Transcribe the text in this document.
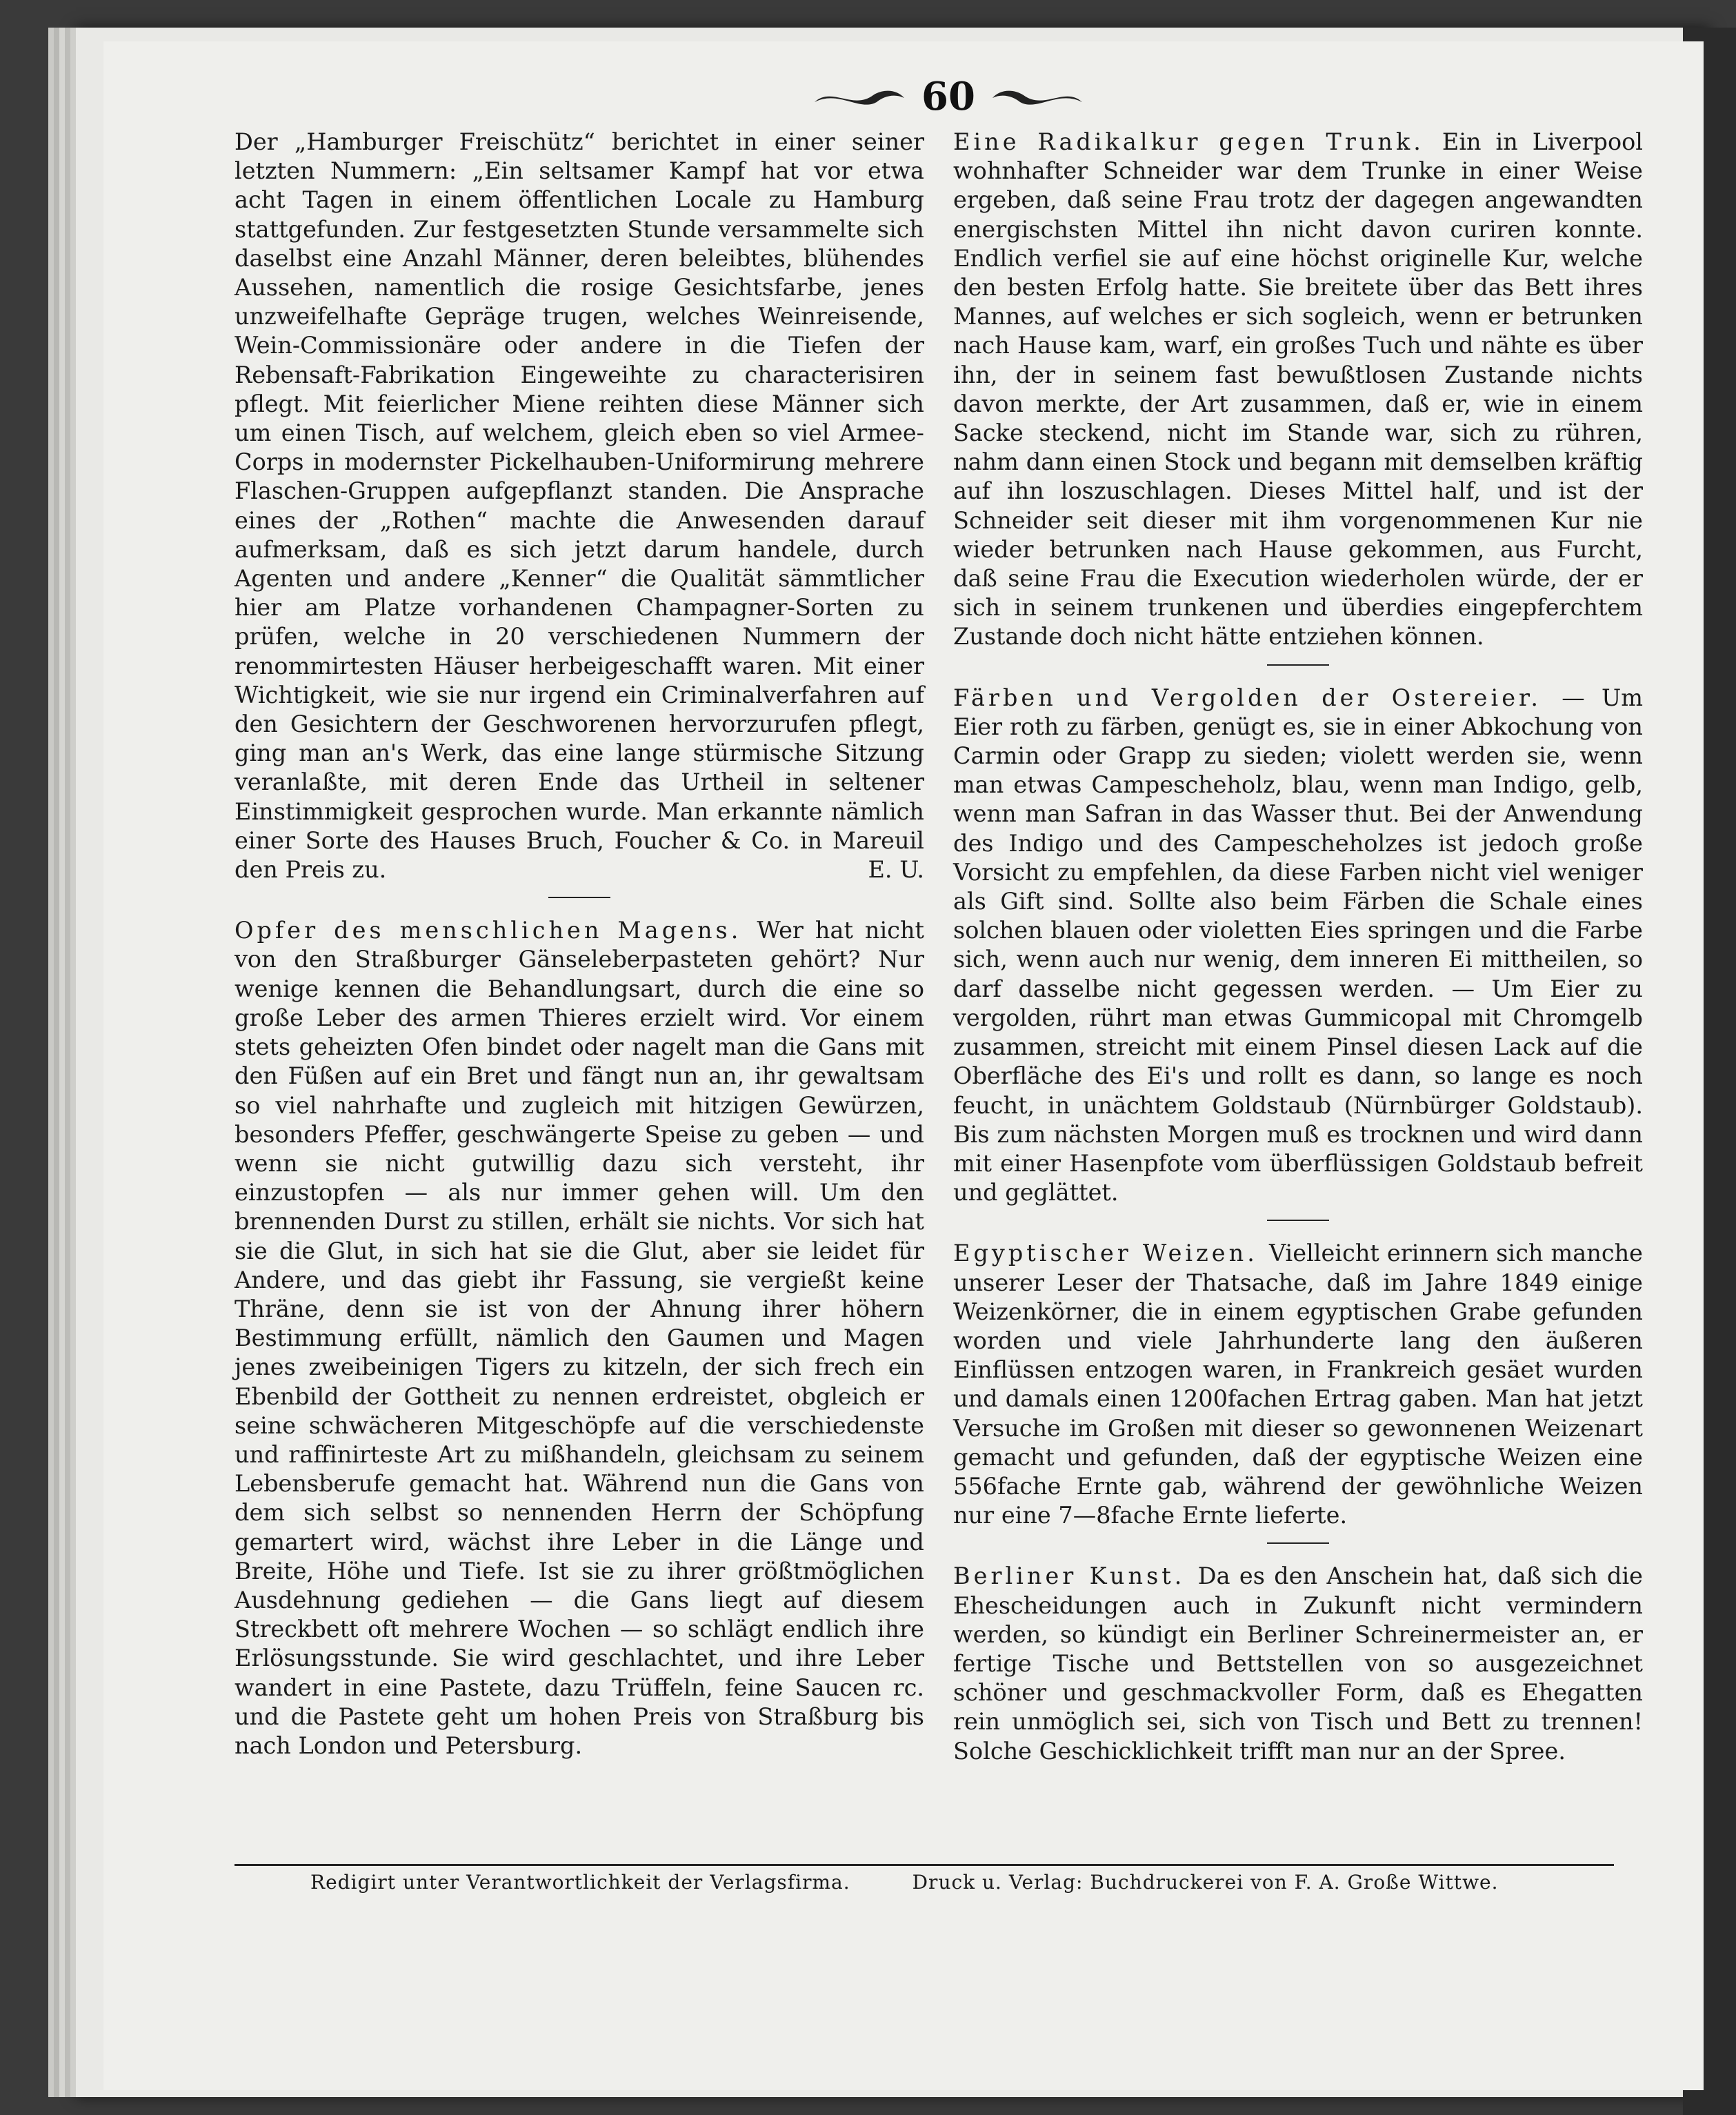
60

Der „Hamburger Freischütz“ berichtet in einer seiner letzten Nummern: „Ein seltsamer Kampf hat vor etwa acht Tagen in einem öffentlichen Locale zu Hamburg stattgefunden. Zur festgesetzten Stunde versammelte sich daselbst eine Anzahl Männer, deren beleibtes, blühendes Aussehen, namentlich die rosige Gesichtsfarbe, jenes unzweifelhafte Gepräge trugen, welches Weinreisende, Wein-Commissionäre oder andere in die Tiefen der Rebensaft-Fabrikation Eingeweihte zu characterisiren pflegt. Mit feierlicher Miene reihten diese Männer sich um einen Tisch, auf welchem, gleich eben so viel Armee-Corps in modernster Pickelhauben-Uniformirung mehrere Flaschen-Gruppen aufgepflanzt standen. Die Ansprache eines der „Rothen“ machte die Anwesenden darauf aufmerksam, daß es sich jetzt darum handele, durch Agenten und andere „Kenner“ die Qualität sämmtlicher hier am Platze vorhandenen Champagner-Sorten zu prüfen, welche in 20 verschiedenen Nummern der renommirtesten Häuser herbeigeschafft waren. Mit einer Wichtigkeit, wie sie nur irgend ein Criminalverfahren auf den Gesichtern der Geschworenen hervorzurufen pflegt, ging man an's Werk, das eine lange stürmische Sitzung veranlaßte, mit deren Ende das Urtheil in seltener Einstimmigkeit gesprochen wurde. Man erkannte nämlich einer Sorte des Hauses Bruch, Foucher & Co. in Mareuil den Preis zu.	E. U.

Opfer des menschlichen Magens. Wer hat nicht von den Straßburger Gänseleberpasteten gehört? Nur wenige kennen die Behandlungsart, durch die eine so große Leber des armen Thieres erzielt wird. Vor einem stets geheizten Ofen bindet oder nagelt man die Gans mit den Füßen auf ein Bret und fängt nun an, ihr gewaltsam so viel nahrhafte und zugleich mit hitzigen Gewürzen, besonders Pfeffer, geschwängerte Speise zu geben — und wenn sie nicht gutwillig dazu sich versteht, ihr einzustopfen — als nur immer gehen will. Um den brennenden Durst zu stillen, erhält sie nichts. Vor sich hat sie die Glut, in sich hat sie die Glut, aber sie leidet für Andere, und das giebt ihr Fassung, sie vergießt keine Thräne, denn sie ist von der Ahnung ihrer höhern Bestimmung erfüllt, nämlich den Gaumen und Magen jenes zweibeinigen Tigers zu kitzeln, der sich frech ein Ebenbild der Gottheit zu nennen erdreistet, obgleich er seine schwächeren Mitgeschöpfe auf die verschiedenste und raffinirteste Art zu mißhandeln, gleichsam zu seinem Lebensberufe gemacht hat. Während nun die Gans von dem sich selbst so nennenden Herrn der Schöpfung gemartert wird, wächst ihre Leber in die Länge und Breite, Höhe und Tiefe. Ist sie zu ihrer größtmöglichen Ausdehnung gediehen — die Gans liegt auf diesem Streckbett oft mehrere Wochen — so schlägt endlich ihre Erlösungsstunde. Sie wird geschlachtet, und ihre Leber wandert in eine Pastete, dazu Trüffeln, feine Saucen rc. und die Pastete geht um hohen Preis von Straßburg bis nach London und Petersburg.

Eine Radikalkur gegen Trunk. Ein in Liverpool wohnhafter Schneider war dem Trunke in einer Weise ergeben, daß seine Frau trotz der dagegen angewandten energischsten Mittel ihn nicht davon curiren konnte. Endlich verfiel sie auf eine höchst originelle Kur, welche den besten Erfolg hatte. Sie breitete über das Bett ihres Mannes, auf welches er sich sogleich, wenn er betrunken nach Hause kam, warf, ein großes Tuch und nähte es über ihn, der in seinem fast bewußtlosen Zustande nichts davon merkte, der Art zusammen, daß er, wie in einem Sacke steckend, nicht im Stande war, sich zu rühren, nahm dann einen Stock und begann mit demselben kräftig auf ihn loszuschlagen. Dieses Mittel half, und ist der Schneider seit dieser mit ihm vorgenommenen Kur nie wieder betrunken nach Hause gekommen, aus Furcht, daß seine Frau die Execution wiederholen würde, der er sich in seinem trunkenen und überdies eingepferchtem Zustande doch nicht hätte entziehen können.

Färben und Vergolden der Ostereier. — Um Eier roth zu färben, genügt es, sie in einer Abkochung von Carmin oder Grapp zu sieden; violett werden sie, wenn man etwas Campescheholz, blau, wenn man Indigo, gelb, wenn man Safran in das Wasser thut. Bei der Anwendung des Indigo und des Campescheholzes ist jedoch große Vorsicht zu empfehlen, da diese Farben nicht viel weniger als Gift sind. Sollte also beim Färben die Schale eines solchen blauen oder violetten Eies springen und die Farbe sich, wenn auch nur wenig, dem inneren Ei mittheilen, so darf dasselbe nicht gegessen werden. — Um Eier zu vergolden, rührt man etwas Gummicopal mit Chromgelb zusammen, streicht mit einem Pinsel diesen Lack auf die Oberfläche des Ei's und rollt es dann, so lange es noch feucht, in unächtem Goldstaub (Nürnbürger Goldstaub). Bis zum nächsten Morgen muß es trocknen und wird dann mit einer Hasenpfote vom überflüssigen Goldstaub befreit und geglättet.

Egyptischer Weizen. Vielleicht erinnern sich manche unserer Leser der Thatsache, daß im Jahre 1849 einige Weizenkörner, die in einem egyptischen Grabe gefunden worden und viele Jahrhunderte lang den äußeren Einflüssen entzogen waren, in Frankreich gesäet wurden und damals einen 1200fachen Ertrag gaben. Man hat jetzt Versuche im Großen mit dieser so gewonnenen Weizenart gemacht und gefunden, daß der egyptische Weizen eine 556fache Ernte gab, während der gewöhnliche Weizen nur eine 7—8fache Ernte lieferte.

Berliner Kunst. Da es den Anschein hat, daß sich die Ehescheidungen auch in Zukunft nicht vermindern werden, so kündigt ein Berliner Schreinermeister an, er fertige Tische und Bettstellen von so ausgezeichnet schöner und geschmackvoller Form, daß es Ehegatten rein unmöglich sei, sich von Tisch und Bett zu trennen! Solche Geschicklichkeit trifft man nur an der Spree.

Redigirt unter Verantwortlichkeit der Verlagsfirma.	Druck u. Verlag: Buchdruckerei von F. A. Große Wittwe.
